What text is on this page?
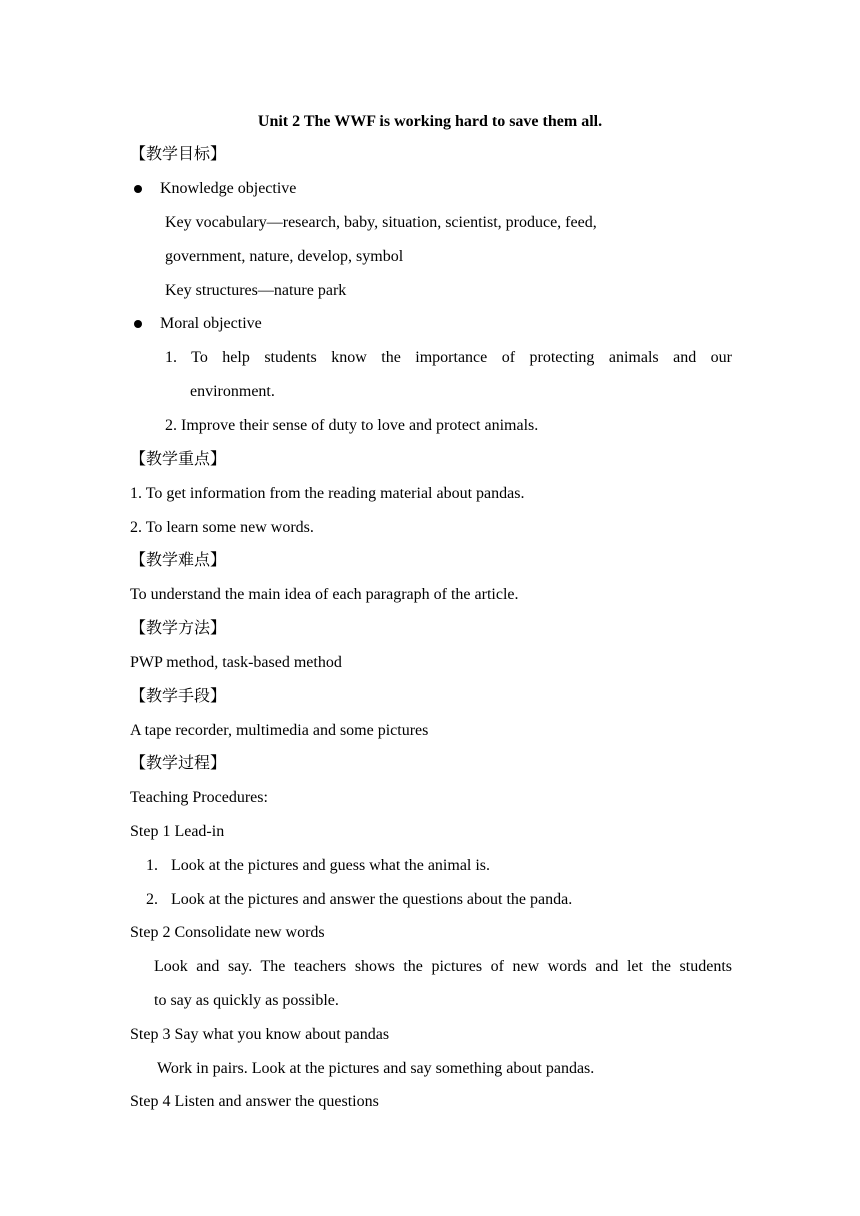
Unit 2 The WWF is working hard to save them all.
【教学目标】
Knowledge objective
Key vocabulary—research, baby, situation, scientist, produce, feed,
government, nature, develop, symbol
Key structures—nature park
Moral objective
1.  To  help  students  know  the  importance  of  protecting  animals  and  our
environment.
2. Improve their sense of duty to love and protect animals.
【教学重点】
1. To get information from the reading material about pandas.
2. To learn some new words.
【教学难点】
To understand the main idea of each paragraph of the article.
【教学方法】
PWP method, task-based method
【教学手段】
A tape recorder, multimedia and some pictures
【教学过程】
Teaching Procedures:
Step 1 Lead-in
1. Look at the pictures and guess what the animal is.
2. Look at the pictures and answer the questions about the panda.
Step 2 Consolidate new words
Look and say. The teachers shows the pictures of new words and let the students
to say as quickly as possible.
Step 3 Say what you know about pandas
Work in pairs. Look at the pictures and say something about pandas.
Step 4 Listen and answer the questions
